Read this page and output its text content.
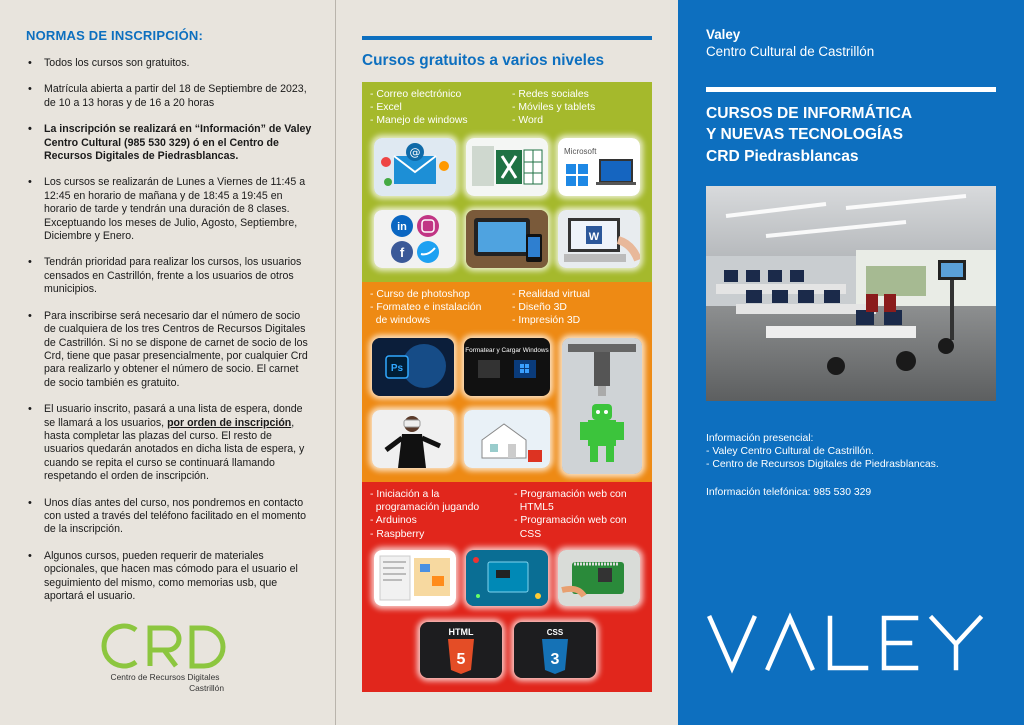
NORMAS DE INSCRIPCIÓN:
• Todos los cursos son gratuitos.
• Matrícula abierta a partir del 18 de Septiembre de 2023, de 10 a 13 horas y de 16 a 20 horas
• La inscripción se realizará en “Información” de Valey Centro Cultural (985 530 329) ó en el Centro de Recursos Digitales de Piedrasblancas.
• Los cursos se realizarán de Lunes a Viernes de 11:45 a 12:45 en horario de mañana y de 18:45 a 19:45 en horario de tarde y tendrán una duración de 8 clases. Exceptuando los meses de Julio, Agosto, Septiembre, Diciembre y Enero.
• Tendrán prioridad para realizar los cursos, los usuarios censados en Castrillón, frente a los usuarios de otros municipios.
• Para inscribirse será necesario dar el número de socio de cualquiera de los tres Centros de Recursos Digitales de Castrillón. Si no se dispone de carnet de socio de los Crd, tiene que pasar presencialmente, por cualquier Crd para realizarlo y obtener el número de socio. El carnet de socio también es gratuito.
• El usuario inscrito, pasará a una lista de espera, donde se llamará a los usuarios, por orden de inscripción, hasta completar las plazas del curso. El resto de usuarios quedarán anotados en dicha lista de espera, y cuando se repita el curso se continuará llamando respetando el orden de inscripción.
• Unos días antes del curso, nos pondremos en contacto con usted a través del teléfono facilitado en el momento de la inscripción.
• Algunos cursos, pueden requerir de materiales opcionales, que hacen mas cómodo para el usuario el seguimiento del mismo, como memorias usb, que aportará el usuario.
CRD
Centro de Recursos Digitales
Castrillón
Cursos gratuitos a varios niveles
- Correo electrónico
- Excel
- Manejo de windows
- Redes sociales
- Móviles y tablets
- Word
@	Microsoft
in
f
W
- Curso de photoshop
- Formateo e instalación
de windows
- Realidad virtual
- Diseño 3D
- Impresión 3D
Ps
Formatear y Cargar Windows
- Iniciación a la
programación jugando
- Arduinos
- Raspberry
- Programación web con
HTML5
- Programación web con
CSS
HTML
5
CSS
3
Valey
Centro Cultural de Castrillón
CURSOS DE INFORMÁTICA
Y NUEVAS TECNOLOGÍAS
CRD Piedrasblancas
Información presencial:
- Valey Centro Cultural de Castrillón.
- Centro de Recursos Digitales de Piedrasblancas.
Información telefónica: 985 530 329
VALEY
